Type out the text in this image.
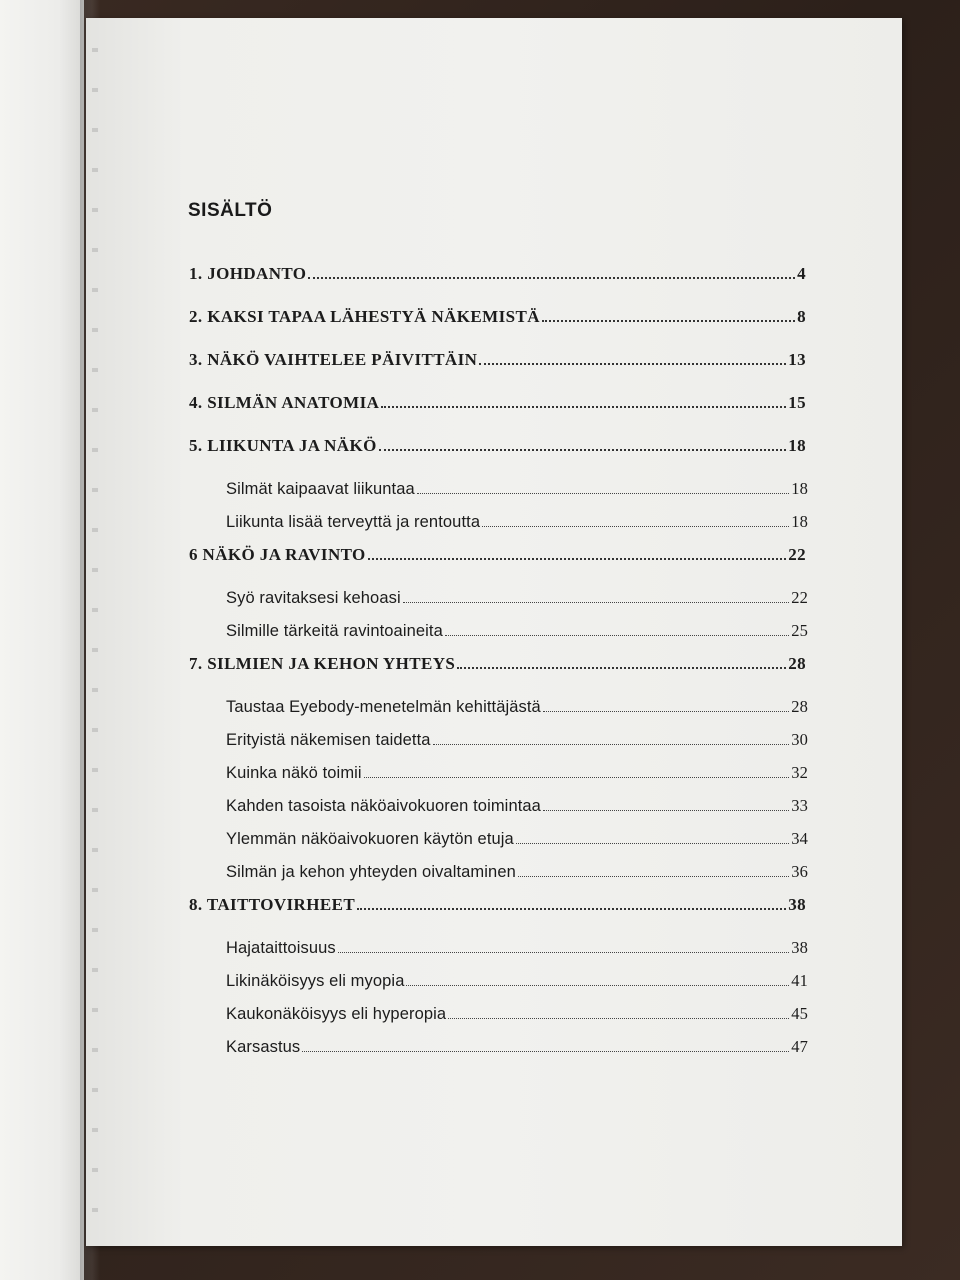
SISÄLTÖ
1. JOHDANTO	4
2. KAKSI TAPAA LÄHESTYÄ NÄKEMISTÄ	8
3. NÄKÖ VAIHTELEE PÄIVITTÄIN	13
4. SILMÄN ANATOMIA	15
5. LIIKUNTA JA NÄKÖ	18
Silmät kaipaavat liikuntaa	18
Liikunta lisää terveyttä ja rentoutta	18
6 NÄKÖ JA RAVINTO	22
Syö ravitaksesi kehoasi	22
Silmille tärkeitä ravintoaineita	25
7. SILMIEN JA KEHON YHTEYS	28
Taustaa Eyebody-menetelmän kehittäjästä	28
Erityistä näkemisen taidetta	30
Kuinka näkö toimii	32
Kahden tasoista näköaivokuoren toimintaa	33
Ylemmän näköaivokuoren käytön etuja	34
Silmän ja kehon yhteyden oivaltaminen	36
8. TAITTOVIRHEET	38
Hajataittoisuus	38
Likinäköisyys eli myopia	41
Kaukonäköisyys eli hyperopia	45
Karsastus	47
